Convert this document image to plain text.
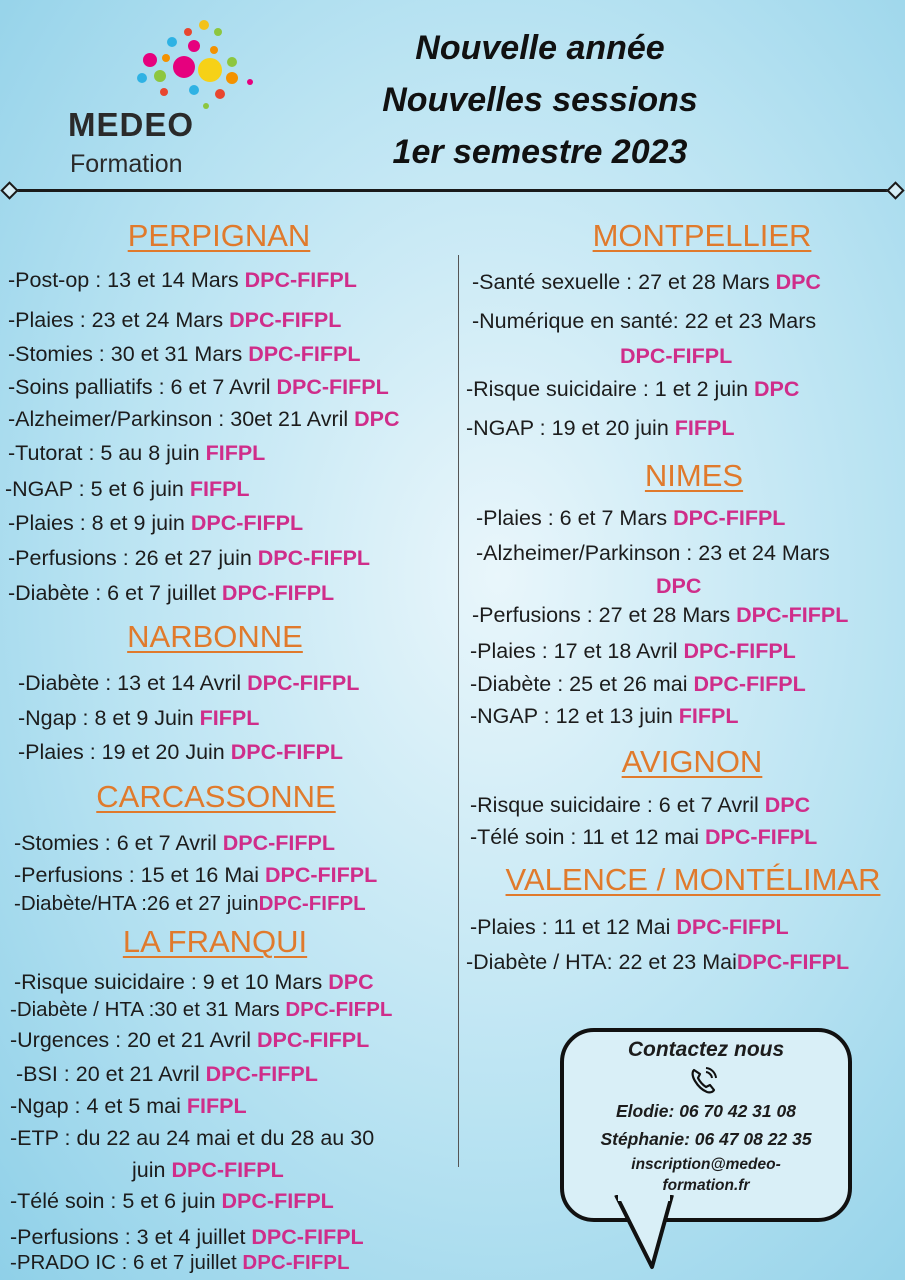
MEDEO
Formation
Nouvelle année
Nouvelles sessions
1er semestre 2023
PERPIGNAN
-Post-op : 13 et 14 Mars DPC-FIFPL
-Plaies : 23 et 24 Mars DPC-FIFPL
-Stomies : 30 et 31 Mars DPC-FIFPL
-Soins palliatifs : 6 et 7 Avril DPC-FIFPL
-Alzheimer/Parkinson : 30et 21 Avril DPC
-Tutorat : 5 au 8 juin FIFPL
-NGAP : 5 et 6 juin FIFPL
-Plaies : 8 et 9 juin DPC-FIFPL
-Perfusions : 26 et 27 juin DPC-FIFPL
-Diabète : 6 et 7 juillet DPC-FIFPL
NARBONNE
-Diabète : 13 et 14 Avril DPC-FIFPL
-Ngap : 8 et 9 Juin FIFPL
-Plaies : 19 et 20 Juin DPC-FIFPL
CARCASSONNE
-Stomies : 6 et 7 Avril DPC-FIFPL
-Perfusions : 15 et 16 Mai DPC-FIFPL
-Diabète/HTA :26 et 27 juinDPC-FIFPL
LA FRANQUI
-Risque suicidaire : 9 et 10 Mars DPC
-Diabète / HTA :30 et 31 Mars DPC-FIFPL
-Urgences : 20 et 21 Avril DPC-FIFPL
-BSI : 20 et 21 Avril DPC-FIFPL
-Ngap : 4 et 5 mai FIFPL
-ETP : du 22 au 24 mai et du 28 au 30
juin DPC-FIFPL
-Télé soin : 5 et 6 juin DPC-FIFPL
-Perfusions : 3 et 4 juillet DPC-FIFPL
-PRADO IC : 6 et 7 juillet DPC-FIFPL
MONTPELLIER
-Santé sexuelle : 27 et 28 Mars DPC
-Numérique en santé: 22 et 23 Mars
DPC-FIFPL
-Risque suicidaire : 1 et 2 juin DPC
-NGAP : 19 et 20 juin FIFPL
NIMES
-Plaies : 6 et 7 Mars DPC-FIFPL
-Alzheimer/Parkinson : 23 et 24 Mars
DPC
-Perfusions : 27 et 28 Mars DPC-FIFPL
-Plaies : 17 et 18 Avril DPC-FIFPL
-Diabète : 25 et 26 mai DPC-FIFPL
-NGAP : 12 et 13 juin FIFPL
AVIGNON
-Risque suicidaire : 6 et 7 Avril DPC
-Télé soin : 11 et 12 mai DPC-FIFPL
VALENCE / MONTÉLIMAR
-Plaies : 11 et 12 Mai DPC-FIFPL
-Diabète / HTA: 22 et 23 MaiDPC-FIFPL
Contactez nous
Elodie: 06 70 42 31 08
Stéphanie: 06 47 08 22 35
inscription@medeo-
formation.fr
